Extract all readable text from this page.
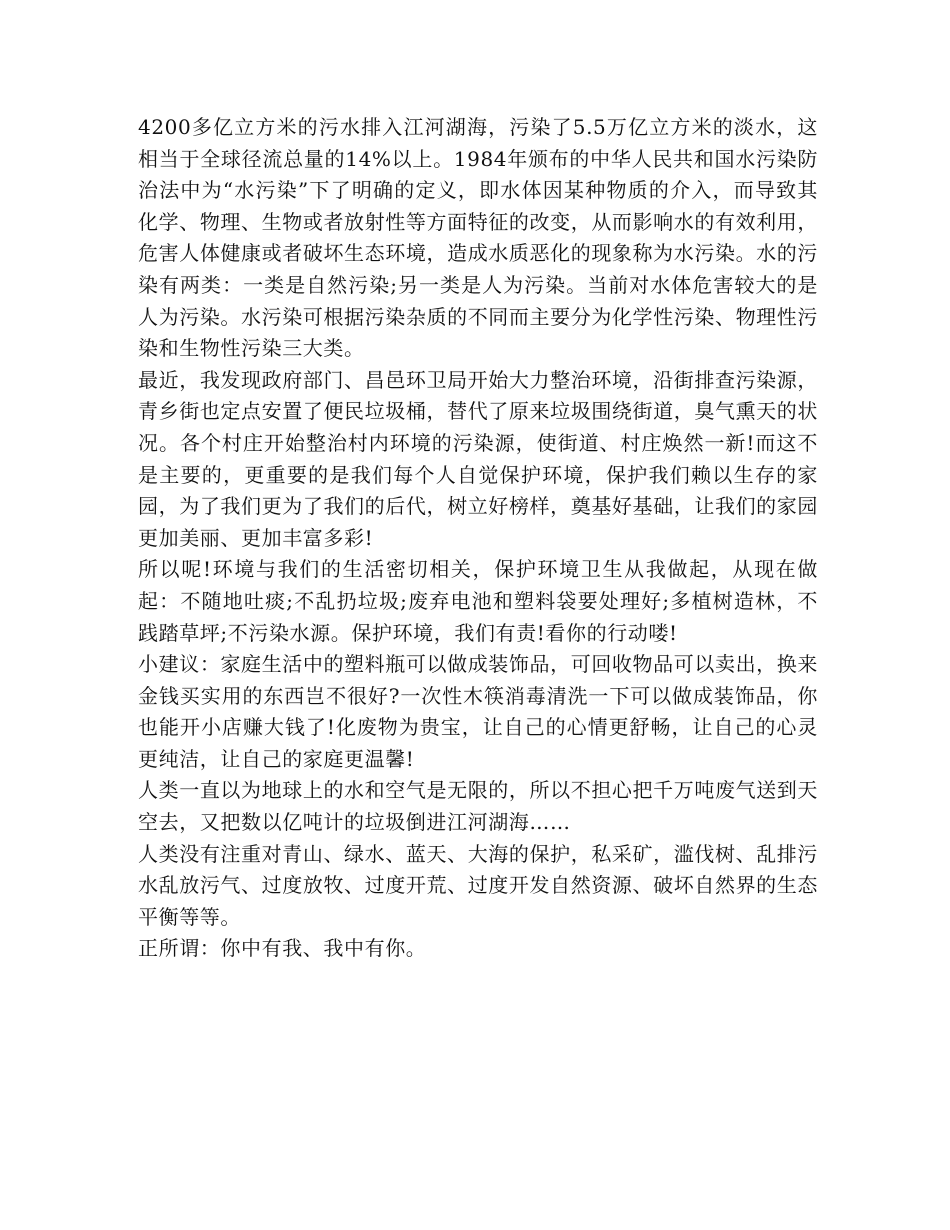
4200多亿立方米的污水排入江河湖海，污染了5.5万亿立方米的淡水，这相当于全球径流总量的14%以上。1984年颁布的中华人民共和国水污染防治法中为“水污染”下了明确的定义，即水体因某种物质的介入，而导致其化学、物理、生物或者放射性等方面特征的改变，从而影响水的有效利用，危害人体健康或者破坏生态环境，造成水质恶化的现象称为水污染。水的污染有两类：一类是自然污染;另一类是人为污染。当前对水体危害较大的是人为污染。水污染可根据污染杂质的不同而主要分为化学性污染、物理性污染和生物性污染三大类。

最近，我发现政府部门、昌邑环卫局开始大力整治环境，沿街排查污染源，青乡街也定点安置了便民垃圾桶，替代了原来垃圾围绕街道，臭气熏天的状况。各个村庄开始整治村内环境的污染源，使街道、村庄焕然一新!而这不是主要的，更重要的是我们每个人自觉保护环境，保护我们赖以生存的家园，为了我们更为了我们的后代，树立好榜样，奠基好基础，让我们的家园更加美丽、更加丰富多彩!

所以呢!环境与我们的生活密切相关，保护环境卫生从我做起，从现在做起：不随地吐痰;不乱扔垃圾;废弃电池和塑料袋要处理好;多植树造林，不践踏草坪;不污染水源。保护环境，我们有责!看你的行动喽!

小建议：家庭生活中的塑料瓶可以做成装饰品，可回收物品可以卖出，换来金钱买实用的东西岂不很好?一次性木筷消毒清洗一下可以做成装饰品，你也能开小店赚大钱了!化废物为贵宝，让自己的心情更舒畅，让自己的心灵更纯洁，让自己的家庭更温馨!

人类一直以为地球上的水和空气是无限的，所以不担心把千万吨废气送到天空去，又把数以亿吨计的垃圾倒进江河湖海……

人类没有注重对青山、绿水、蓝天、大海的保护，私采矿，滥伐树、乱排污水乱放污气、过度放牧、过度开荒、过度开发自然资源、破坏自然界的生态平衡等等。

正所谓：你中有我、我中有你。
